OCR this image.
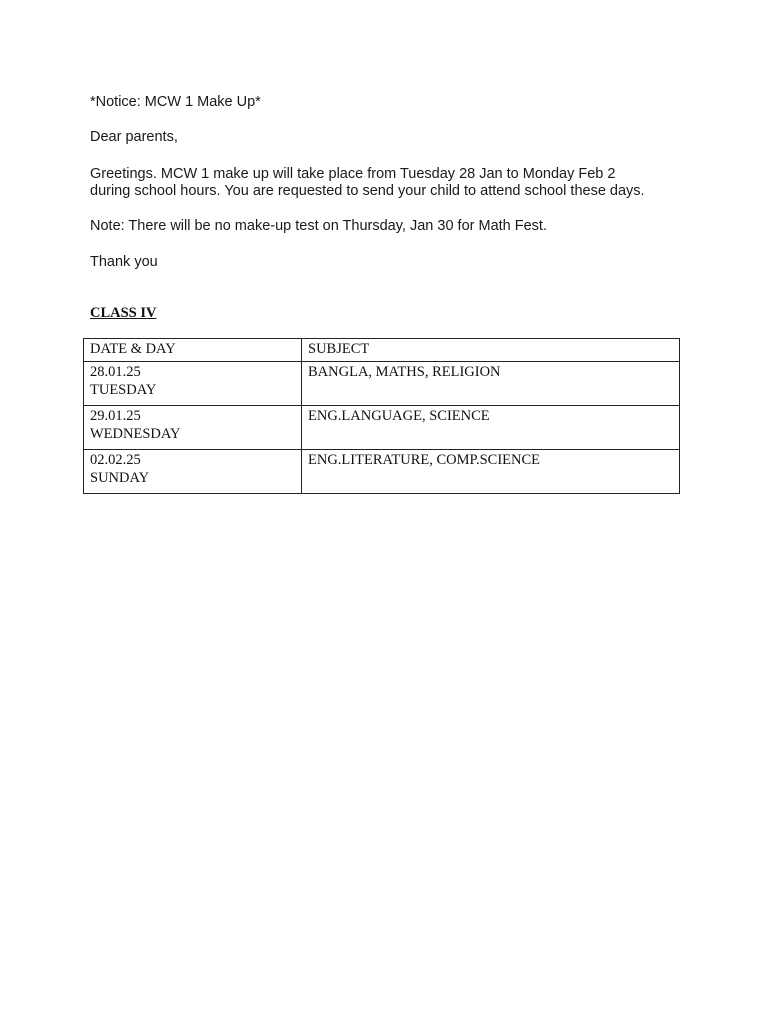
*Notice: MCW 1 Make Up*

Dear parents,

Greetings. MCW 1 make up will take place from Tuesday 28 Jan to Monday Feb 2

during school hours. You are requested to send your child to attend school these days.

Note: There will be no make-up test on Thursday, Jan 30 for Math Fest.

Thank you

CLASS IV

DATE & DAY	SUBJECT

28.01.25
TUESDAY	BANGLA, MATHS, RELIGION

29.01.25
WEDNESDAY	ENG.LANGUAGE, SCIENCE

02.02.25
SUNDAY	ENG.LITERATURE, COMP.SCIENCE
